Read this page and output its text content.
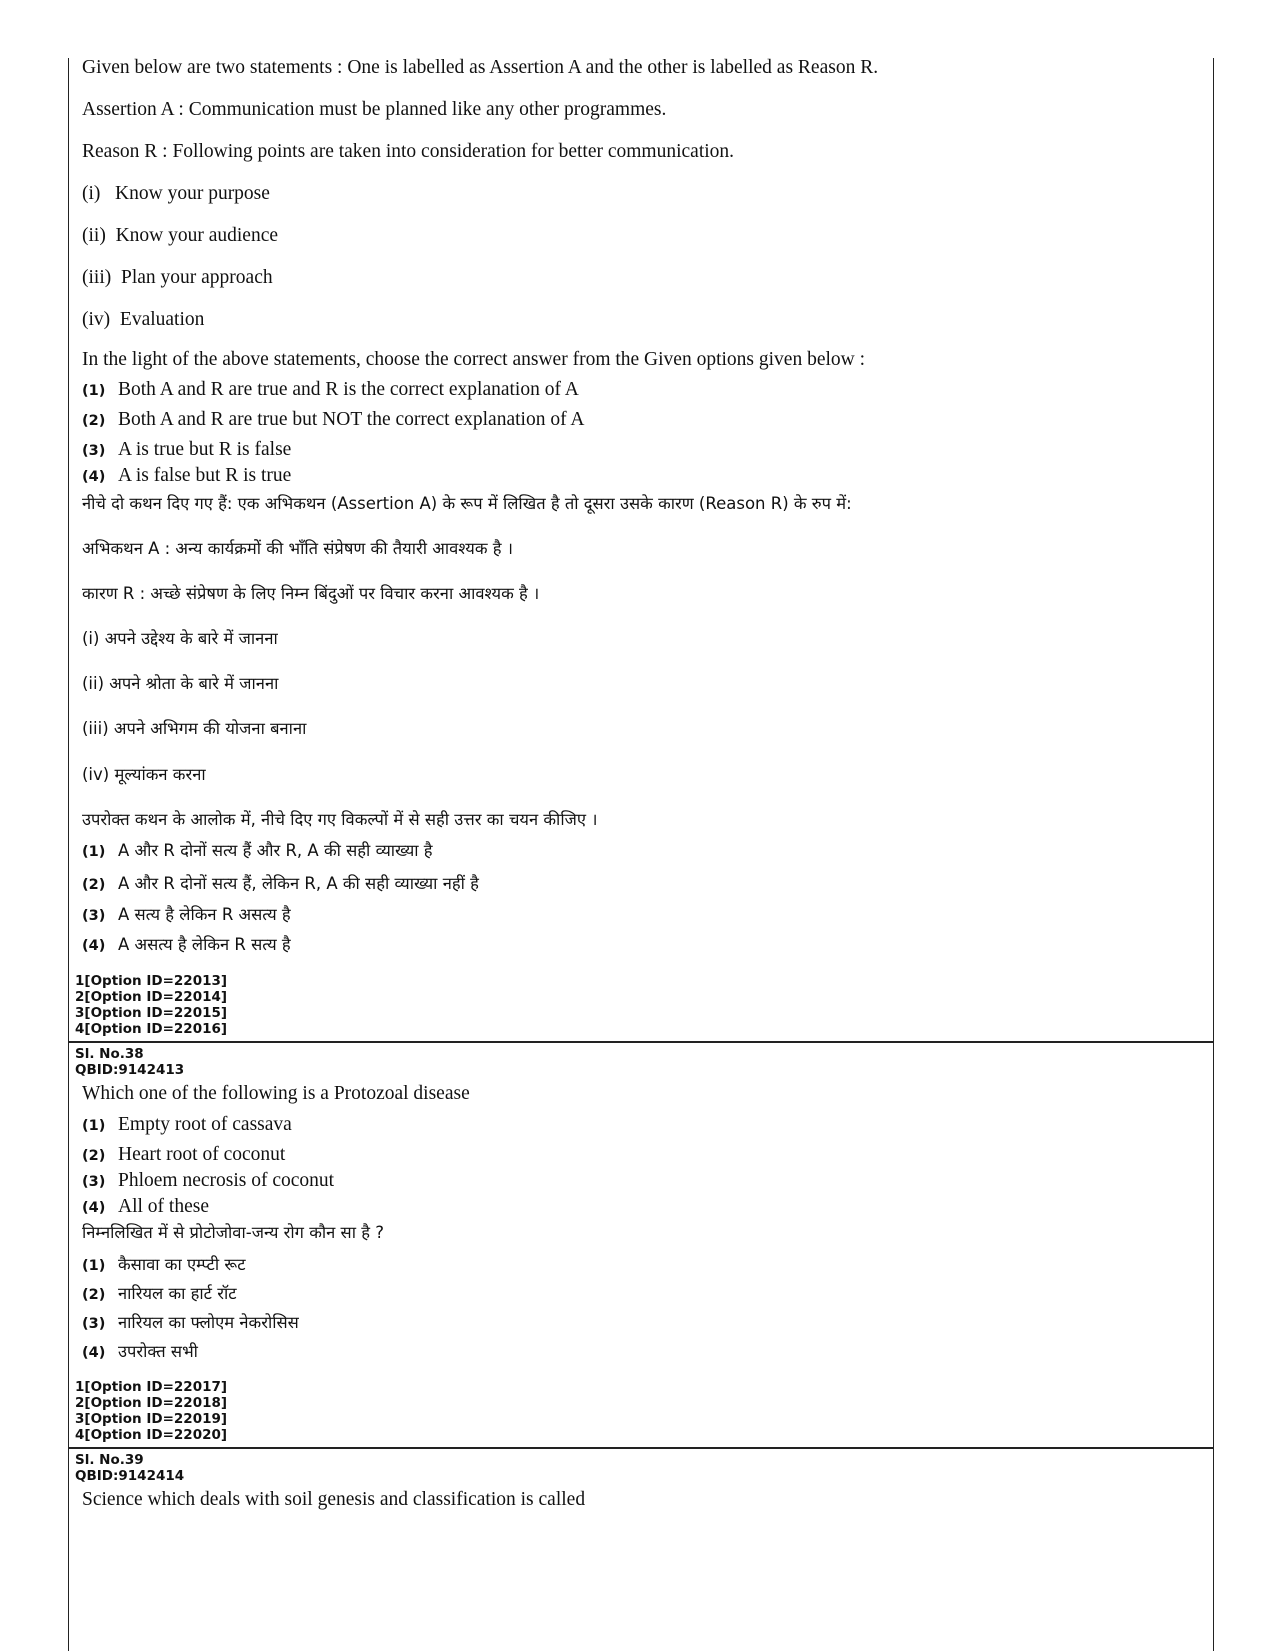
Given below are two statements : One is labelled as Assertion A and the other is labelled as Reason R.
Assertion A : Communication must be planned like any other programmes.
Reason R : Following points are taken into consideration for better communication.
(i)   Know your purpose
(ii)  Know your audience
(iii)  Plan your approach
(iv)  Evaluation
In the light of the above statements, choose the correct answer from the Given options given below :
(1) Both A and R are true and R is the correct explanation of A
(2) Both A and R are true but NOT the correct explanation of A
(3) A is true but R is false
(4) A is false but R is true
नीचे दो कथन दिए गए हैं: एक अभिकथन (Assertion A) के रूप में लिखित है तो दूसरा उसके कारण (Reason R) के रुप में:
अभिकथन A : अन्य कार्यक्रमाेें की भाँति संप्रेषण की तैयारी आवश्यक है ।
कारण R : अच्छे संप्रेषण के लिए निम्न बिंदुओं पर विचार करना आवश्यक है ।
(i) अपने उद्देश्य के बारे में जानना
(ii) अपने श्रोता के बारे में जानना
(iii) अपने अभिगम की योजना बनाना
(iv) मूल्यांकन करना
उपरोक्त कथन के आलोक में, नीचे दिए गए विकल्पों में से सही उत्तर का चयन कीजिए ।
(1) A और R दोनों सत्य हैं और R, A की सही व्याख्या है
(2) A और R दोनों सत्य हैं, लेकिन R, A की सही व्याख्या नहीं है
(3) A सत्य है लेकिन R असत्य है
(4) A असत्य है लेकिन R सत्य है
1[Option ID=22013]
2[Option ID=22014]
3[Option ID=22015]
4[Option ID=22016]
Sl. No.38
QBID:9142413
Which one of the following is a Protozoal disease
(1) Empty root of cassava
(2) Heart root of coconut
(3) Phloem necrosis of coconut
(4) All of these
निम्नलिखित में से प्रोटोजोवा-जन्य रोग कौन सा है ?
(1) कैसावा का एम्प्टी रूट
(2) नारियल का हार्ट रॉट
(3) नारियल का फ्लोएम नेकरोसिस
(4) उपरोक्त सभी
1[Option ID=22017]
2[Option ID=22018]
3[Option ID=22019]
4[Option ID=22020]
Sl. No.39
QBID:9142414
Science which deals with soil genesis and classification is called
